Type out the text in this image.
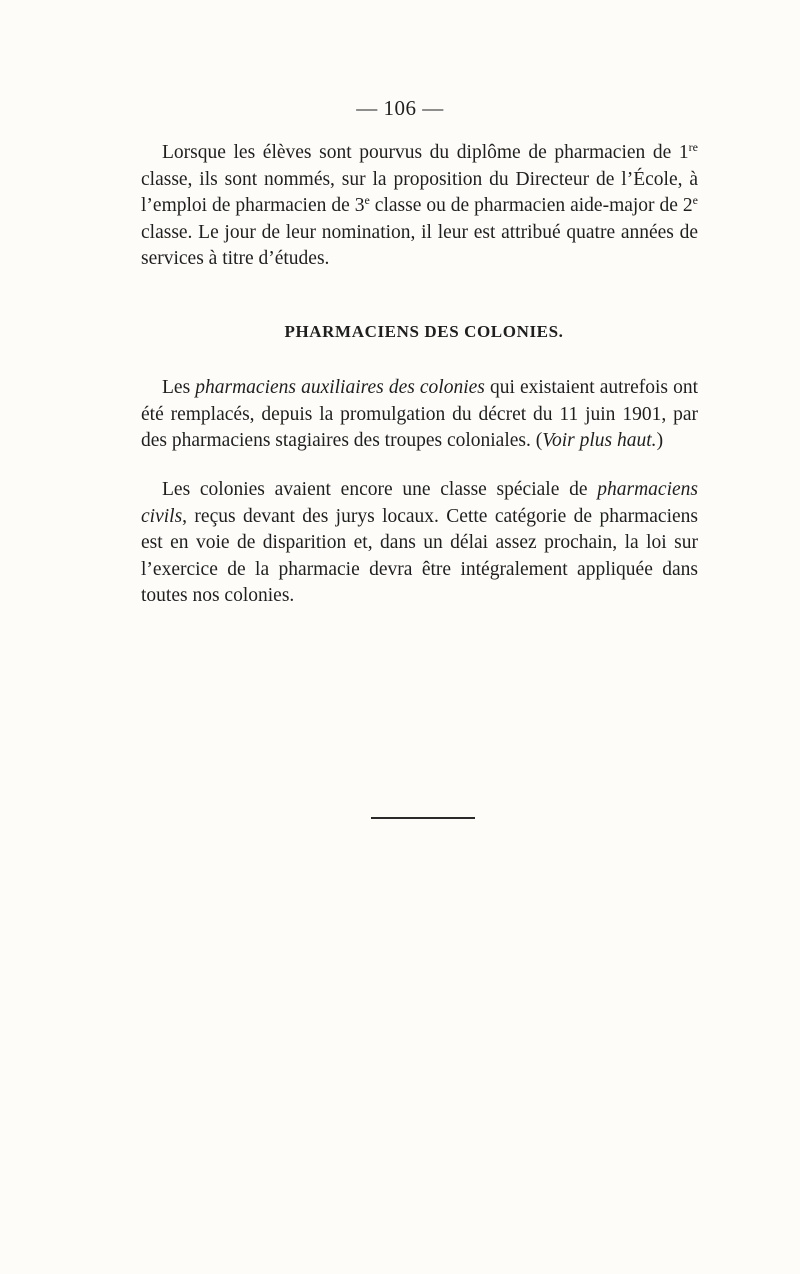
— 106 —

Lorsque les élèves sont pourvus du diplôme de pharmacien de 1re classe, ils sont nommés, sur la proposition du Directeur de l’École, à l’emploi de pharmacien de 3e classe ou de pharmacien aide-major de 2e classe. Le jour de leur nomination, il leur est attribué quatre années de services à titre d’études.

PHARMACIENS DES COLONIES.

Les pharmaciens auxiliaires des colonies qui existaient autrefois ont été remplacés, depuis la promulgation du décret du 11 juin 1901, par des pharmaciens stagiaires des troupes coloniales. (Voir plus haut.)

Les colonies avaient encore une classe spéciale de pharmaciens civils, reçus devant des jurys locaux. Cette catégorie de pharmaciens est en voie de disparition et, dans un délai assez prochain, la loi sur l’exercice de la pharmacie devra être intégralement appliquée dans toutes nos colonies.
